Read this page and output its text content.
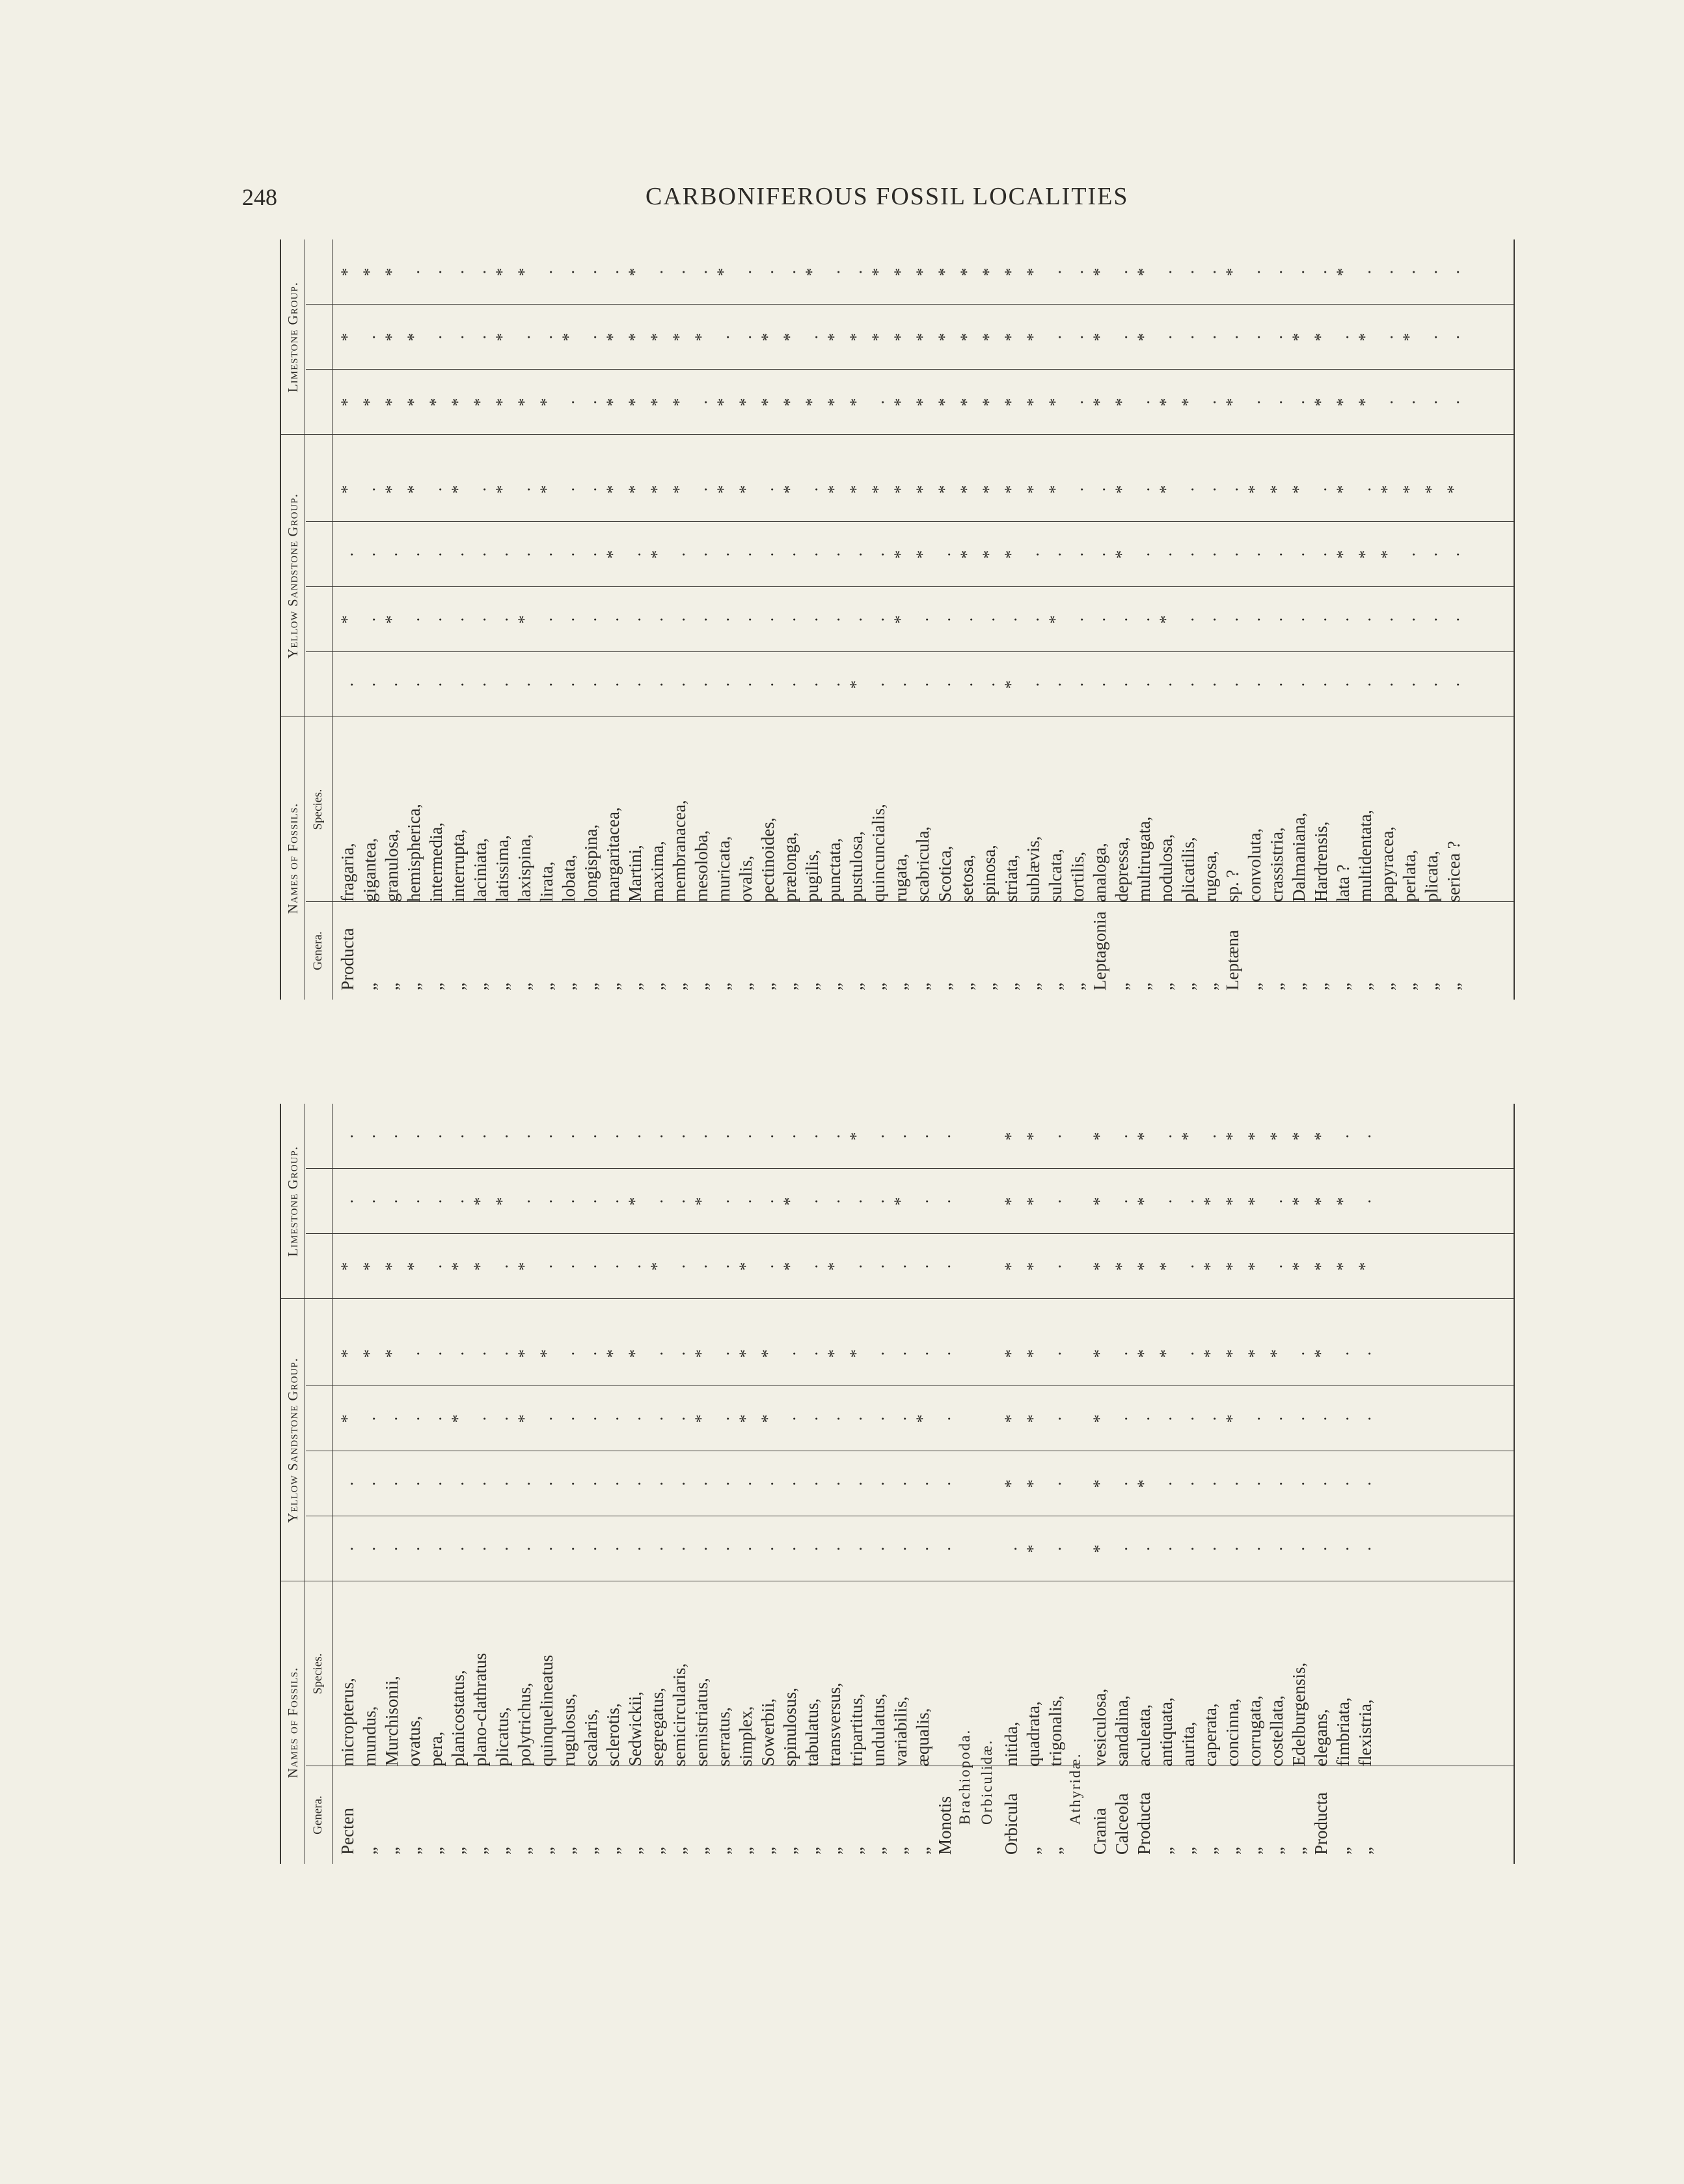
248	CARBONIFEROUS FOSSIL LOCALITIES
Names of Fossils.
Yellow Sandstone Group.
Limestone Group.
Genera.
Species.
Producta
fragaria,
.
*
.
*
*
*
*
„
gigantea,
.
.
.
.
*
.
*
„
granulosa,
.
*
.
*
*
*
*
„
hemispherica,
.
.
.
*
*
*
.
„
intermedia,
.
.
.
.
*
.
.
„
interrupta,
.
.
.
*
*
.
.
„
laciniata,
.
.
.
.
*
.
.
„
latissima,
.
.
.
*
*
*
*
„
laxispina,
.
*
.
.
*
.
*
„
lirata,
.
.
.
*
*
.
.
„
lobata,
.
.
.
.
.
*
.
„
longispina,
.
.
.
.
.
.
.
„
margaritacea,
.
.
*
*
*
*
.
„
Martini,
.
.
.
*
*
*
*
„
maxima,
.
.
*
*
*
*
.
„
membranacea,
.
.
.
*
*
*
.
„
mesoloba,
.
.
.
.
.
*
.
„
muricata,
.
.
.
*
*
.
*
„
ovalis,
.
.
.
*
*
.
.
„
pectinoides,
.
.
.
.
*
*
.
„
prælonga,
.
.
.
*
*
*
.
„
pugilis,
.
.
.
.
*
.
*
„
punctata,
.
.
.
*
*
*
.
„
pustulosa,
*
.
.
*
*
*
.
„
quincuncialis,
.
.
.
*
.
*
*
„
rugata,
.
*
*
*
*
*
*
„
scabricula,
.
.
*
*
*
*
*
„
Scotica,
.
.
.
*
*
*
*
„
setosa,
.
.
*
*
*
*
*
„
spinosa,
.
.
*
*
*
*
*
„
striata,
*
.
*
*
*
*
*
„
sublævis,
.
.
.
*
*
*
*
„
sulcata,
.
*
.
*
*
.
.
„
tortilis,
.
.
.
.
.
.
.
Leptagonia
analoga,
.
.
.
.
*
*
*
„
depressa,
.
.
*
*
*
.
.
„
multirugata,
.
.
.
.
.
*
*
„
nodulosa,
.
*
.
*
*
.
.
„
plicatilis,
.
.
.
.
*
.
.
„
rugosa,
.
.
.
.
.
.
.
Leptæna
sp. ?
.
.
.
.
*
.
*
„
convoluta,
.
.
.
*
.
.
.
„
crassistria,
.
.
.
*
.
.
.
„
Dalmaniana,
.
.
.
*
.
*
.
„
Hardrensis,
.
.
.
.
*
*
.
„
lata ?
.
.
*
*
*
.
*
„
multidentata,
.
.
*
.
*
*
.
„
papyracea,
.
.
*
*
.
.
.
„
perlata,
.
.
.
*
.
*
.
„
plicata,
.
.
.
*
.
.
.
„
sericea ?
.
.
.
*
.
.
.
Names of Fossils.
Yellow Sandstone Group.
Limestone Group.
Genera.
Species.
Pecten
micropterus,
.
.
*
*
*
.
.
„
mundus,
.
.
.
*
*
.
.
„
Murchisonii,
.
.
.
*
*
.
.
„
ovatus,
.
.
.
.
*
.
.
„
pera,
.
.
.
.
.
.
.
„
planicostatus,
.
.
*
.
*
.
.
„
plano-clathratus
.
.
.
.
*
*
.
„
plicatus,
.
.
.
.
.
*
.
„
polytrichus,
.
.
*
*
*
.
.
„
quinquelineatus
.
.
.
*
.
.
.
„
rugulosus,
.
.
.
.
.
.
.
„
scalaris,
.
.
.
.
.
.
.
„
sclerotis,
.
.
.
*
.
.
.
„
Sedwickii,
.
.
.
*
.
*
.
„
segregatus,
.
.
.
.
*
.
.
„
semicircularis,
.
.
.
.
.
.
.
„
semistriatus,
.
.
*
*
.
*
.
„
serratus,
.
.
.
.
.
.
.
„
simplex,
.
.
*
*
*
.
.
„
Sowerbii,
.
.
*
*
.
.
.
„
spinulosus,
.
.
.
.
*
*
.
„
tabulatus,
.
.
.
.
.
.
.
„
transversus,
.
.
.
*
*
.
.
„
tripartitus,
.
.
.
*
.
.
*
„
undulatus,
.
.
.
.
.
.
.
„
variabilis,
.
.
.
.
.
*
.
„
æqualis,
.
.
*
.
.
.
.
Monotis
.
.
.
.
.
.
.
Brachiopoda. Orbiculidæ. Orbicula
nitida,
.
*
*
*
*
*
*
„
quadrata,
*
*
*
*
*
*
*
„
trigonalis,
.
.
.
.
.
.
.
Athyridæ.
Crania
vesiculosa,
*
*
*
*
*
*
*
Calceola
sandalina,
.
.
.
.
*
.
.
Producta
aculeata,
.
*
.
*
*
*
*
„
antiquata,
.
.
.
*
*
.
.
„
aurita,
.
.
.
.
.
.
*
„
caperata,
.
.
.
*
*
*
.
„
concinna,
.
.
*
*
*
*
*
„
corrugata,
.
.
.
*
*
*
*
„
costellata,
.
.
.
*
.
.
*
„
Edelburgensis,
.
.
.
.
*
*
*
Producta
elegans,
.
.
.
*
*
*
*
„
fimbriata,
.
.
.
.
*
*
.
„
flexistria,
.
.
.
.
*
.
.
